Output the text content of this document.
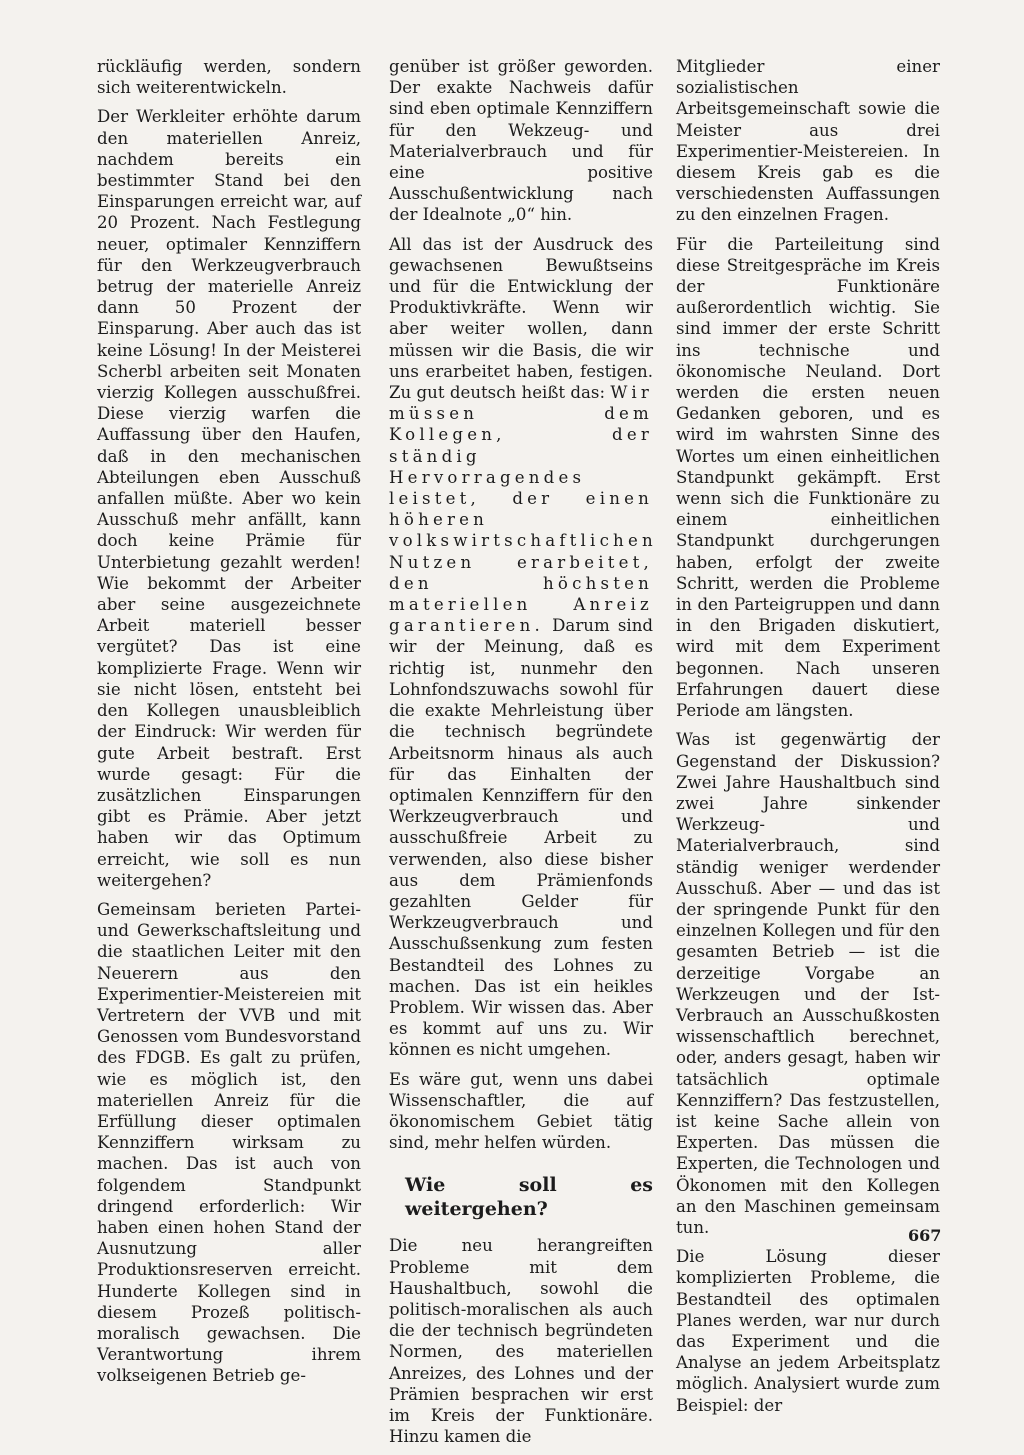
rückläufig werden, sondern sich weiterentwickeln.

Der Werkleiter erhöhte darum den materiellen Anreiz, nachdem bereits ein bestimmter Stand bei den Einsparungen erreicht war, auf 20 Prozent. Nach Festlegung neuer, optimaler Kennziffern für den Werkzeugverbrauch betrug der materielle Anreiz dann 50 Prozent der Einsparung. Aber auch das ist keine Lösung! In der Meisterei Scherbl arbeiten seit Monaten vierzig Kollegen ausschußfrei. Diese vierzig warfen die Auffassung über den Haufen, daß in den mechanischen Abteilungen eben Ausschuß anfallen müßte. Aber wo kein Ausschuß mehr anfällt, kann doch keine Prämie für Unterbietung gezahlt werden! Wie bekommt der Arbeiter aber seine ausgezeichnete Arbeit materiell besser vergütet? Das ist eine komplizierte Frage. Wenn wir sie nicht lösen, entsteht bei den Kollegen unausbleiblich der Eindruck: Wir werden für gute Arbeit bestraft. Erst wurde gesagt: Für die zusätzlichen Einsparungen gibt es Prämie. Aber jetzt haben wir das Optimum erreicht, wie soll es nun weitergehen?

Gemeinsam berieten Partei- und Gewerkschaftsleitung und die staatlichen Leiter mit den Neuerern aus den Experimentier-Meistereien mit Vertretern der VVB und mit Genossen vom Bundesvorstand des FDGB. Es galt zu prüfen, wie es möglich ist, den materiellen Anreiz für die Erfüllung dieser optimalen Kennziffern wirksam zu machen. Das ist auch von folgendem Standpunkt dringend erforderlich: Wir haben einen hohen Stand der Ausnutzung aller Produktionsreserven erreicht. Hunderte Kollegen sind in diesem Prozeß politisch-moralisch gewachsen. Die Verantwortung ihrem volkseigenen Betrieb ge-

genüber ist größer geworden. Der exakte Nachweis dafür sind eben optimale Kennziffern für den Wekzeug- und Materialverbrauch und für eine positive Ausschußentwicklung nach der Idealnote „0“ hin.

All das ist der Ausdruck des gewachsenen Bewußtseins und für die Entwicklung der Produktivkräfte. Wenn wir aber weiter wollen, dann müssen wir die Basis, die wir uns erarbeitet haben, festigen. Zu gut deutsch heißt das: Wir müssen dem Kollegen, der ständig Hervorragendes leistet, der einen höheren volkswirtschaftlichen Nutzen erarbeitet, den höchsten materiellen Anreiz garantieren. Darum sind wir der Meinung, daß es richtig ist, nunmehr den Lohnfondszuwachs sowohl für die exakte Mehrleistung über die technisch begründete Arbeitsnorm hinaus als auch für das Einhalten der optimalen Kennziffern für den Werkzeugverbrauch und ausschußfreie Arbeit zu verwenden, also diese bisher aus dem Prämienfonds gezahlten Gelder für Werkzeugverbrauch und Ausschußsenkung zum festen Bestandteil des Lohnes zu machen. Das ist ein heikles Problem. Wir wissen das. Aber es kommt auf uns zu. Wir können es nicht umgehen.

Es wäre gut, wenn uns dabei Wissenschaftler, die auf ökonomischem Gebiet tätig sind, mehr helfen würden.

Wie soll es weitergehen?

Die neu herangreiften Probleme mit dem Haushaltbuch, sowohl die politisch-moralischen als auch die der technisch begründeten Normen, des materiellen Anreizes, des Lohnes und der Prämien besprachen wir erst im Kreis der Funktionäre. Hinzu kamen die

Mitglieder einer sozialistischen Arbeitsgemeinschaft sowie die Meister aus drei Experimentier-Meistereien. In diesem Kreis gab es die verschiedensten Auffassungen zu den einzelnen Fragen.

Für die Parteileitung sind diese Streitgespräche im Kreis der Funktionäre außerordentlich wichtig. Sie sind immer der erste Schritt ins technische und ökonomische Neuland. Dort werden die ersten neuen Gedanken geboren, und es wird im wahrsten Sinne des Wortes um einen einheitlichen Standpunkt gekämpft. Erst wenn sich die Funktionäre zu einem einheitlichen Standpunkt durchgerungen haben, erfolgt der zweite Schritt, werden die Probleme in den Parteigruppen und dann in den Brigaden diskutiert, wird mit dem Experiment begonnen. Nach unseren Erfahrungen dauert diese Periode am längsten.

Was ist gegenwärtig der Gegenstand der Diskussion? Zwei Jahre Haushaltbuch sind zwei Jahre sinkender Werkzeug- und Materialverbrauch, sind ständig weniger werdender Ausschuß. Aber — und das ist der springende Punkt für den einzelnen Kollegen und für den gesamten Betrieb — ist die derzeitige Vorgabe an Werkzeugen und der Ist-Verbrauch an Ausschußkosten wissenschaftlich berechnet, oder, anders gesagt, haben wir tatsächlich optimale Kennziffern? Das festzustellen, ist keine Sache allein von Experten. Das müssen die Experten, die Technologen und Ökonomen mit den Kollegen an den Maschinen gemeinsam tun.

Die Lösung dieser komplizierten Probleme, die Bestandteil des optimalen Planes werden, war nur durch das Experiment und die Analyse an jedem Arbeitsplatz möglich. Analysiert wurde zum Beispiel: der

667
